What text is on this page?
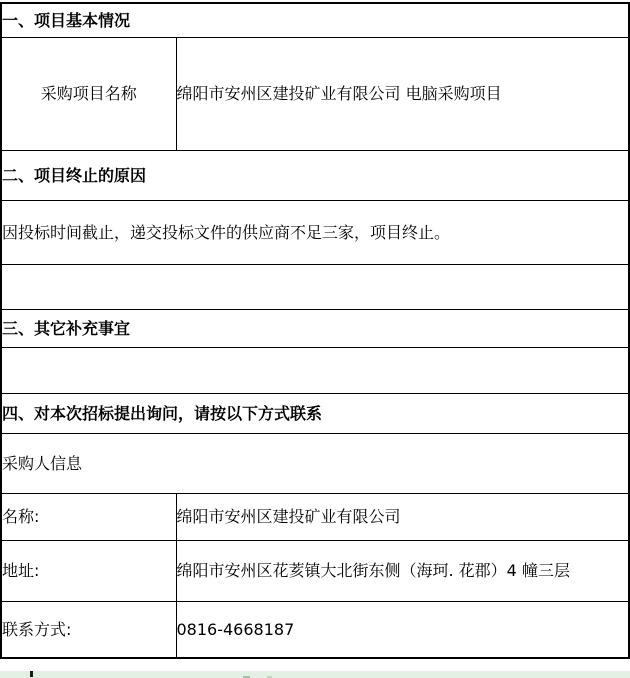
一、项目基本情况	
采购项目名称	绵阳市安州区建投矿业有限公司 电脑采购项目
二、项目终止的原因	
因投标时间截止，递交投标文件的供应商不足三家，项目终止。	

三、其它补充事宜	

四、对本次招标提出询问，请按以下方式联系	
采购人信息	
名称:	绵阳市安州区建投矿业有限公司
地址:	绵阳市安州区花荄镇大北街东侧（海珂. 花郡）4 幢三层
联系方式:	0816-4668187
